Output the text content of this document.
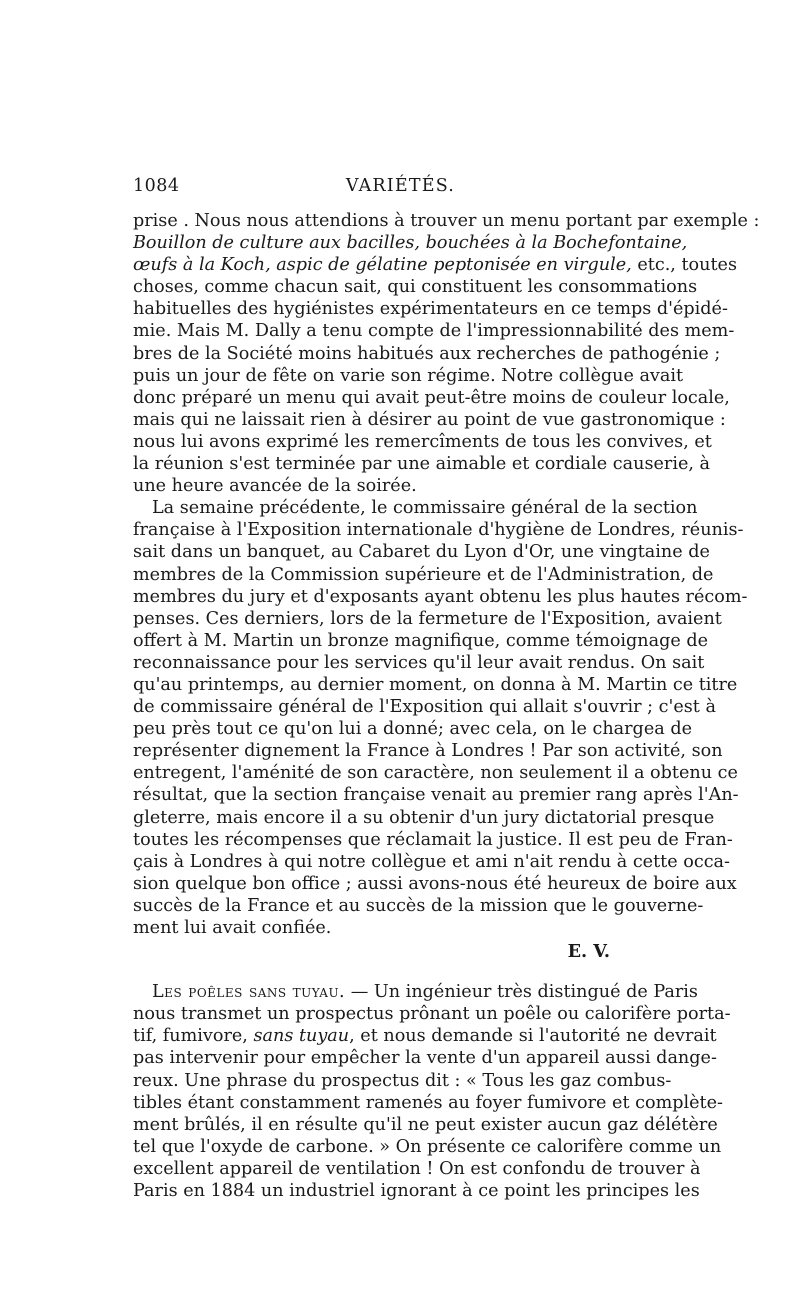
1084	VARIÉTÉS.
prise . Nous nous attendions à trouver un menu portant par exemple :
Bouillon de culture aux bacilles, bouchées à la Bochefontaine,
œufs à la Koch, aspic de gélatine peptonisée en virgule, etc., toutes
choses, comme chacun sait, qui constituent les consommations
habituelles des hygiénistes expérimentateurs en ce temps d'épidé-
mie. Mais M. Dally a tenu compte de l'impressionnabilité des mem-
bres de la Société moins habitués aux recherches de pathogénie ;
puis un jour de fête on varie son régime. Notre collègue avait
donc préparé un menu qui avait peut-être moins de couleur locale,
mais qui ne laissait rien à désirer au point de vue gastronomique :
nous lui avons exprimé les remercîments de tous les convives, et
la réunion s'est terminée par une aimable et cordiale causerie, à
une heure avancée de la soirée.
La semaine précédente, le commissaire général de la section
française à l'Exposition internationale d'hygiène de Londres, réunis-
sait dans un banquet, au Cabaret du Lyon d'Or, une vingtaine de
membres de la Commission supérieure et de l'Administration, de
membres du jury et d'exposants ayant obtenu les plus hautes récom-
penses. Ces derniers, lors de la fermeture de l'Exposition, avaient
offert à M. Martin un bronze magnifique, comme témoignage de
reconnaissance pour les services qu'il leur avait rendus. On sait
qu'au printemps, au dernier moment, on donna à M. Martin ce titre
de commissaire général de l'Exposition qui allait s'ouvrir ; c'est à
peu près tout ce qu'on lui a donné; avec cela, on le chargea de
représenter dignement la France à Londres ! Par son activité, son
entregent, l'aménité de son caractère, non seulement il a obtenu ce
résultat, que la section française venait au premier rang après l'An-
gleterre, mais encore il a su obtenir d'un jury dictatorial presque
toutes les récompenses que réclamait la justice. Il est peu de Fran-
çais à Londres à qui notre collègue et ami n'ait rendu à cette occa-
sion quelque bon office ; aussi avons-nous été heureux de boire aux
succès de la France et au succès de la mission que le gouverne-
ment lui avait confiée.
E. V.
Les poêles sans tuyau. — Un ingénieur très distingué de Paris
nous transmet un prospectus prônant un poêle ou calorifère porta-
tif, fumivore, sans tuyau, et nous demande si l'autorité ne devrait
pas intervenir pour empêcher la vente d'un appareil aussi dange-
reux. Une phrase du prospectus dit : « Tous les gaz combus-
tibles étant constamment ramenés au foyer fumivore et complète-
ment brûlés, il en résulte qu'il ne peut exister aucun gaz délétère
tel que l'oxyde de carbone. » On présente ce calorifère comme un
excellent appareil de ventilation ! On est confondu de trouver à
Paris en 1884 un industriel ignorant à ce point les principes les
